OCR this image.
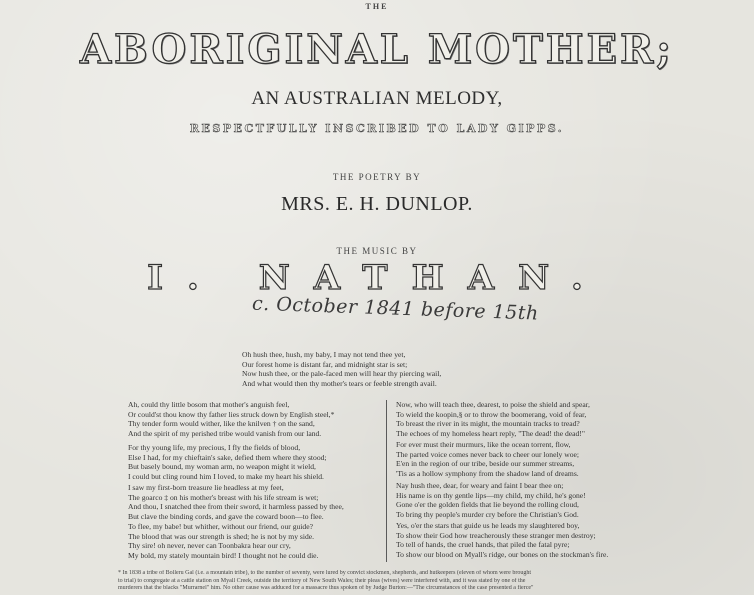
THE
ABORIGINAL MOTHER;
AN AUSTRALIAN MELODY,
RESPECTFULLY INSCRIBED TO LADY GIPPS.
THE POETRY BY
MRS. E. H. DUNLOP.
THE MUSIC BY
I. NATHAN.
c. October 1841 before 15th
Oh hush thee, hush, my baby, I may not tend thee yet,
Our forest home is distant far, and midnight star is set;
Now hush thee, or the pale-faced men will hear thy piercing wail,
And what would then thy mother's tears or feeble strength avail.
Ah, could thy little bosom that mother's anguish feel,
Or could'st thou know thy father lies struck down by English steel,*
Thy tender form would wither, like the knilven † on the sand,
And the spirit of my perished tribe would vanish from our land.
For thy young life, my precious, I fly the fields of blood,
Else I had, for my chieftain's sake, defied them where they stood;
But basely bound, my woman arm, no weapon might it wield,
I could but cling round him I loved, to make my heart his shield.
I saw my first-born treasure lie headless at my feet,
The goarco ‡ on his mother's breast with his life stream is wet;
And thou, I snatched thee from their sword, it harmless passed by thee,
But clave the binding cords, and gave the coward boon—to flee.
To flee, my babe! but whither, without our friend, our guide?
The blood that was our strength is shed; he is not by my side.
Thy sire! oh never, never can Toonbakra hear our cry,
My bold, my stately mountain bird! I thought not he could die.
Now, who will teach thee, dearest, to poise the shield and spear,
To wield the koopin,§ or to throw the boomerang, void of fear,
To breast the river in its might, the mountain tracks to tread?
The echoes of my homeless heart reply, "The dead! the dead!"
For ever must their murmurs, like the ocean torrent, flow,
The parted voice comes never back to cheer our lonely woe;
E'en in the region of our tribe, beside our summer streams,
'Tis as a hollow symphony from the shadow land of dreams.
Nay hush thee, dear, for weary and faint I bear thee on;
His name is on thy gentle lips—my child, my child, he's gone!
Gone o'er the golden fields that lie beyond the rolling cloud,
To bring thy people's murder cry before the Christian's God.
Yes, o'er the stars that guide us he leads my slaughtered boy,
To show their God how treacherously these stranger men destroy;
To tell of hands, the cruel hands, that piled the fatal pyre;
To show our blood on Myall's ridge, our bones on the stockman's fire.
* In 1838 a tribe of Bolleru Gal (i.e. a mountain tribe), to the number of seventy, were lured by convict stockmen, shepherds, and hutkeepers (eleven of whom were brought
to trial) to congregate at a cattle station on Myall Creek, outside the territory of New South Wales; their pleas (wives) were interfered with, and it was stated by one of the
murderers that the blacks "Murrarnel" him. No other cause was adduced for a massacre thus spoken of by Judge Burton:—"The circumstances of the case presented a fierce"
